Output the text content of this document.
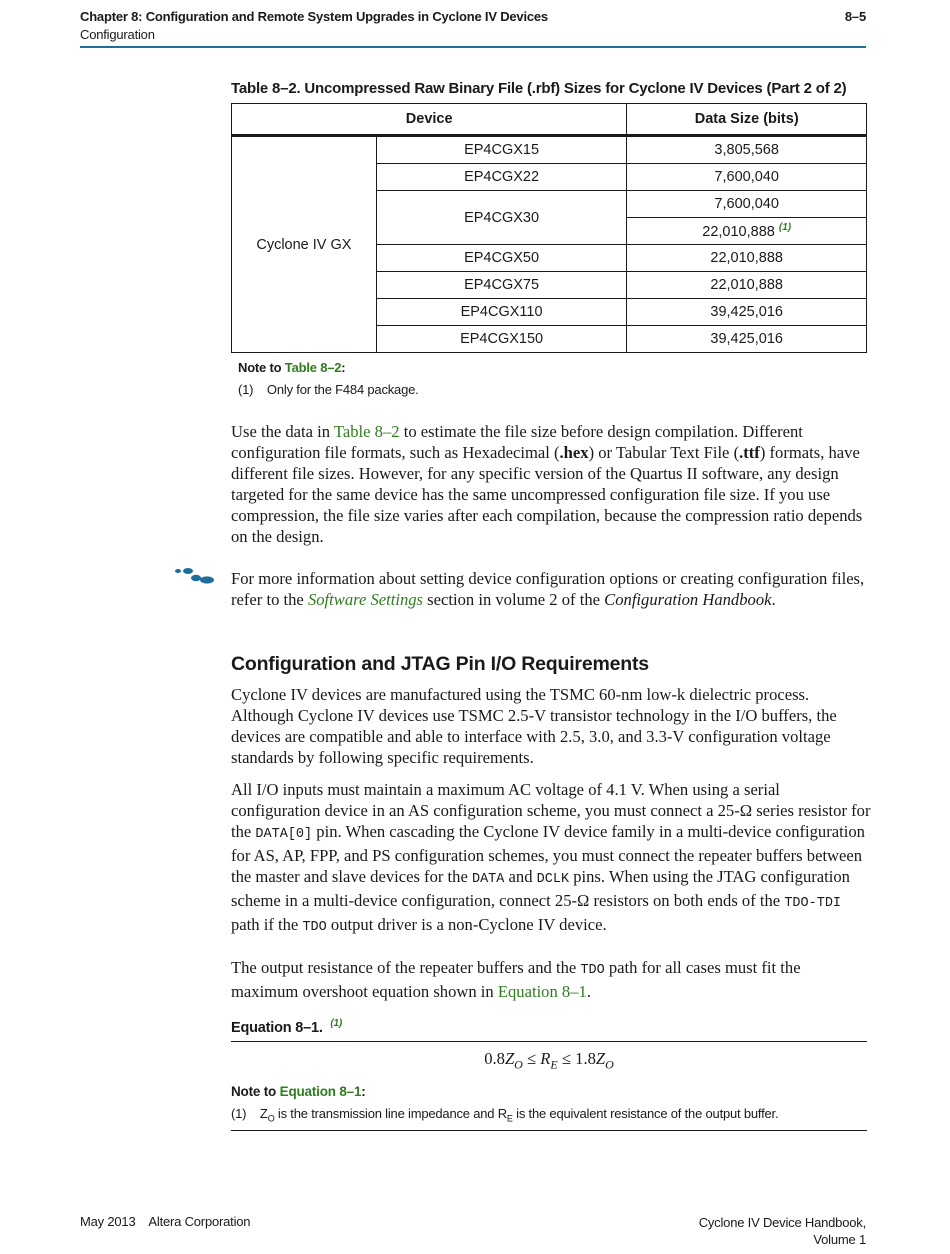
Chapter 8: Configuration and Remote System Upgrades in Cyclone IV Devices
Configuration
8–5
Table 8–2. Uncompressed Raw Binary File (.rbf) Sizes for Cyclone IV Devices (Part 2 of 2)
Device		Data Size (bits)
Cyclone IV GX	EP4CGX15	3,805,568
	EP4CGX22	7,600,040
	EP4CGX30	7,600,040
		22,010,888 $^{(1)}$
	EP4CGX50	22,010,888
	EP4CGX75	22,010,888
	EP4CGX110	39,425,016
	EP4CGX150	39,425,016
Note to Table 8–2:
(1)    Only for the F484 package.
Use the data in Table 8–2 to estimate the file size before design compilation. Different configuration file formats, such as Hexadecimal (.hex) or Tabular Text File (.ttf) formats, have different file sizes. However, for any specific version of the Quartus II software, any design targeted for the same device has the same uncompressed configuration file size. If you use compression, the file size varies after each compilation, because the compression ratio depends on the design.
For more information about setting device configuration options or creating configuration files, refer to the Software Settings section in volume 2 of the Configuration Handbook.
Configuration and JTAG Pin I/O Requirements
Cyclone IV devices are manufactured using the TSMC 60-nm low-k dielectric process. Although Cyclone IV devices use TSMC 2.5-V transistor technology in the I/O buffers, the devices are compatible and able to interface with 2.5, 3.0, and 3.3-V configuration voltage standards by following specific requirements.
All I/O inputs must maintain a maximum AC voltage of 4.1 V. When using a serial configuration device in an AS configuration scheme, you must connect a 25-Ω series resistor for the DATA[0] pin. When cascading the Cyclone IV device family in a multi-device configuration for AS, AP, FPP, and PS configuration schemes, you must connect the repeater buffers between the master and slave devices for the DATA and DCLK pins. When using the JTAG configuration scheme in a multi-device configuration, connect 25-Ω resistors on both ends of the TDO-TDI path if the TDO output driver is a non-Cyclone IV device.
The output resistance of the repeater buffers and the TDO path for all cases must fit the maximum overshoot equation shown in Equation 8–1.
Equation 8–1. $^{(1)}$
$0.8Z_O \le R_E \le 1.8Z_O$
Note to Equation 8–1:
(1)    $Z_O$ is the transmission line impedance and $R_E$ is the equivalent resistance of the output buffer.
May 2013    Altera Corporation	Cyclone IV Device Handbook,
Volume 1
